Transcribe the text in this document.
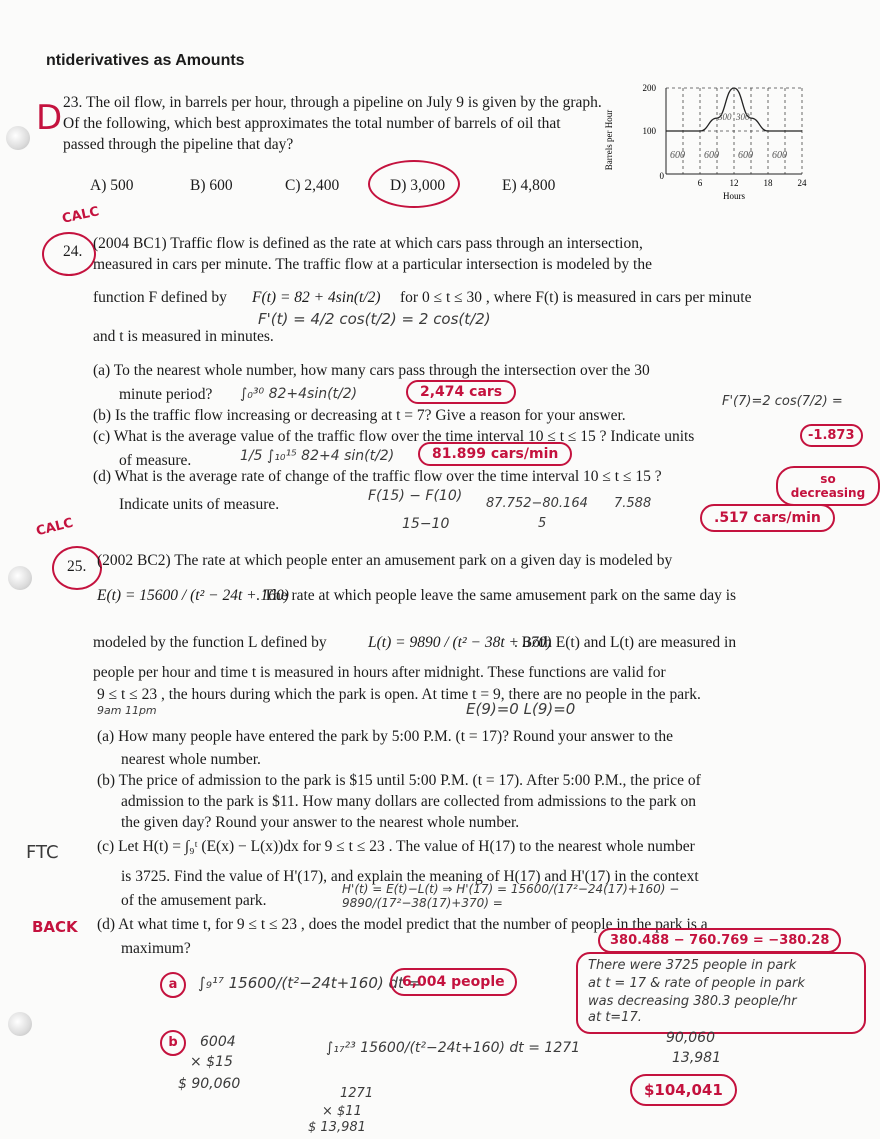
ntiderivatives as Amounts
D 23. The oil flow, in barrels per hour, through a pipeline on July 9 is given by the graph. Of the following, which best approximates the total number of barrels of oil that passed through the pipeline that day?
A) 500	B) 600	C) 2,400	D) 3,000	E) 4,800
Barrels per Hour
200
100
0
6	12	18	24
Hours
300 300
600 600 600 600
CALC
24. (2004 BC1) Traffic flow is defined as the rate at which cars pass through an intersection,
measured in cars per minute. The traffic flow at a particular intersection is modeled by the
function F defined by F(t) = 82 + 4sin(t/2) for 0 ≤ t ≤ 30 , where F(t) is measured in cars per minute
and t is measured in minutes.
F'(t) = 4/2 cos(t/2) = 2 cos(t/2)
(a) To the nearest whole number, how many cars pass through the intersection over the 30
minute period? ∫₀³⁰ 82+4sin(t/2)	2,474 cars
(b) Is the traffic flow increasing or decreasing at t = 7? Give a reason for your answer.
F'(7)=2 cos(7/2) =
(c) What is the average value of the traffic flow over the time interval 10 ≤ t ≤ 15 ? Indicate units
of measure.	1/5 ∫₁₀¹⁵ 82+4 sin(t/2)	81.899 cars/min
-1.873
so decreasing
(d) What is the average rate of change of the traffic flow over the time interval 10 ≤ t ≤ 15 ?
Indicate units of measure.	F(15) − F(10)
15−10
87.752−80.164
5
7.588
.517 cars/min
CALC
25. (2002 BC2) The rate at which people enter an amusement park on a given day is modeled by
E(t) = 15600 / (t² − 24t + 160)
. The rate at which people leave the same amusement park on the same day is
modeled by the function L defined by	L(t) = 9890 / (t² − 38t + 370)
. Both E(t) and L(t) are measured in
people per hour and time t is measured in hours after midnight. These functions are valid for
9 ≤ t ≤ 23 , the hours during which the park is open. At time t = 9, there are no people in the park.
9am 11pm	E(9)=0 L(9)=0
(a) How many people have entered the park by 5:00 P.M. (t = 17)? Round your answer to the
nearest whole number.
(b) The price of admission to the park is $15 until 5:00 P.M. (t = 17). After 5:00 P.M., the price of
admission to the park is $11. How many dollars are collected from admissions to the park on
the given day? Round your answer to the nearest whole number.
FTC (c) Let H(t) = ∫₉ᵗ (E(x) − L(x))dx for 9 ≤ t ≤ 23 . The value of H(17) to the nearest whole number
is 3725. Find the value of H'(17), and explain the meaning of H(17) and H'(17) in the context
of the amusement park.
H'(t) = E(t)−L(t) ⇒ H'(17) = 15600/(17²−24(17)+160) − 9890/(17²−38(17)+370) =
BACK (d) At what time t, for 9 ≤ t ≤ 23 , does the model predict that the number of people in the park is a
maximum?	380.488 − 760.769 = −380.28
There were 3725 people in park
at t = 17 & rate of people in park
was decreasing 380.3 people/hr
at t=17.
a	∫₉¹⁷ 15600/(t²−24t+160) dt =
6,004 people
b	6004
× $15
$ 90,060
∫₁₇²³ 15600/(t²−24t+160) dt = 1271
1271
× $11
$ 13,981
90,060
13,981
$104,041
